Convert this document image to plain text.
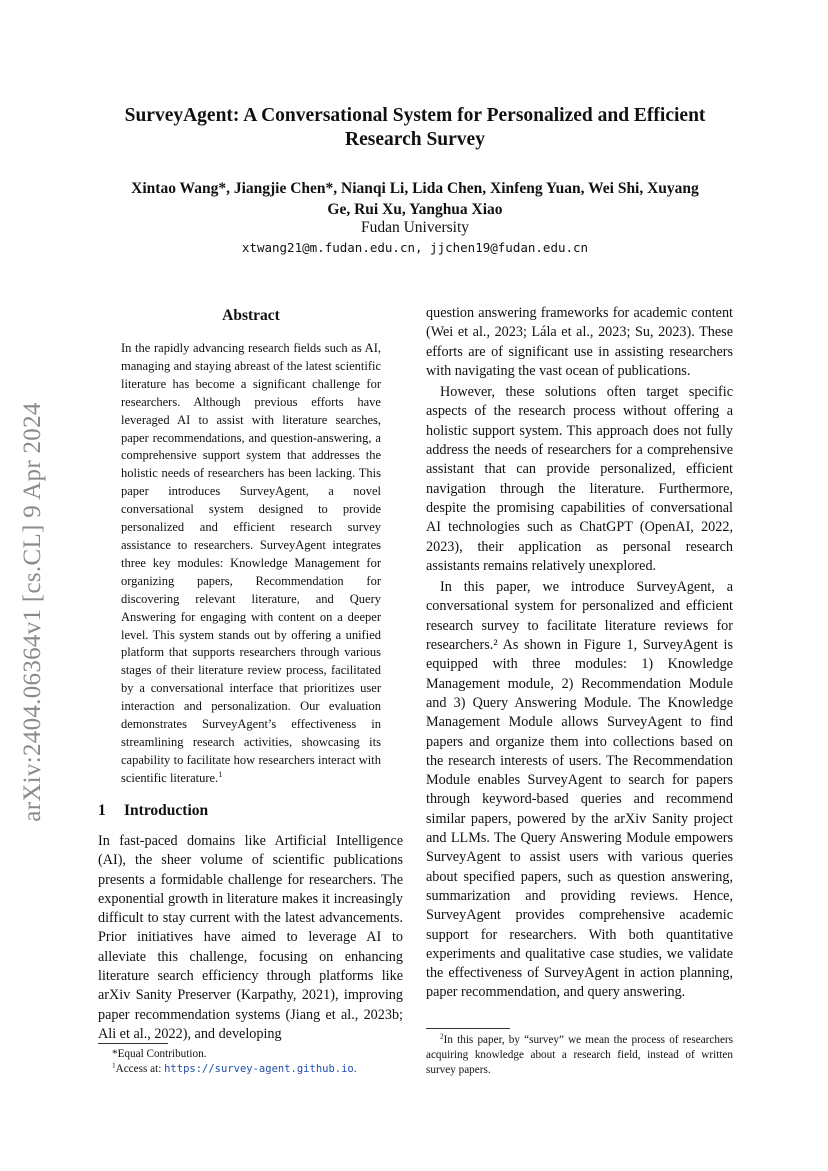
arXiv:2404.06364v1 [cs.CL] 9 Apr 2024
SurveyAgent: A Conversational System for Personalized and Efficient Research Survey
Xintao Wang*, Jiangjie Chen*, Nianqi Li, Lida Chen, Xinfeng Yuan, Wei Shi, Xuyang Ge, Rui Xu, Yanghua Xiao
Fudan University
xtwang21@m.fudan.edu.cn, jjchen19@fudan.edu.cn
Abstract
In the rapidly advancing research fields such as AI, managing and staying abreast of the latest scientific literature has become a significant challenge for researchers. Although previous efforts have leveraged AI to assist with literature searches, paper recommendations, and question-answering, a comprehensive support system that addresses the holistic needs of researchers has been lacking. This paper introduces SurveyAgent, a novel conversational system designed to provide personalized and efficient research survey assistance to researchers. SurveyAgent integrates three key modules: Knowledge Management for organizing papers, Recommendation for discovering relevant literature, and Query Answering for engaging with content on a deeper level. This system stands out by offering a unified platform that supports researchers through various stages of their literature review process, facilitated by a conversational interface that prioritizes user interaction and personalization. Our evaluation demonstrates SurveyAgent’s effectiveness in streamlining research activities, showcasing its capability to facilitate how researchers interact with scientific literature.$^1$
1 Introduction

In fast-paced domains like Artificial Intelligence (AI), the sheer volume of scientific publications presents a formidable challenge for researchers. The exponential growth in literature makes it increasingly difficult to stay current with the latest advancements. Prior initiatives have aimed to leverage AI to alleviate this challenge, focusing on enhancing literature search efficiency through platforms like arXiv Sanity Preserver (Karpathy, 2021), improving paper recommendation systems (Jiang et al., 2023b; Ali et al., 2022), and developing

question answering frameworks for academic content (Wei et al., 2023; Lála et al., 2023; Su, 2023). These efforts are of significant use in assisting researchers with navigating the vast ocean of publications.

However, these solutions often target specific aspects of the research process without offering a holistic support system. This approach does not fully address the needs of researchers for a comprehensive assistant that can provide personalized, efficient navigation through the literature. Furthermore, despite the promising capabilities of conversational AI technologies such as ChatGPT (OpenAI, 2022, 2023), their application as personal research assistants remains relatively unexplored.

In this paper, we introduce SurveyAgent, a conversational system for personalized and efficient research survey to facilitate literature reviews for researchers.² As shown in Figure 1, SurveyAgent is equipped with three modules: 1) Knowledge Management module, 2) Recommendation Module and 3) Query Answering Module. The Knowledge Management Module allows SurveyAgent to find papers and organize them into collections based on the research interests of users. The Recommendation Module enables SurveyAgent to search for papers through keyword-based queries and recommend similar papers, powered by the arXiv Sanity project and LLMs. The Query Answering Module empowers SurveyAgent to assist users with various queries about specified papers, such as question answering, summarization and providing reviews. Hence, SurveyAgent provides comprehensive academic support for researchers. With both quantitative experiments and qualitative case studies, we validate the effectiveness of SurveyAgent in action planning, paper recommendation, and query answering.

*Equal Contribution.
$^1$Access at: https://survey-agent.github.io.
$^2$In this paper, by “survey” we mean the process of researchers acquiring knowledge about a research field, instead of written survey papers.
